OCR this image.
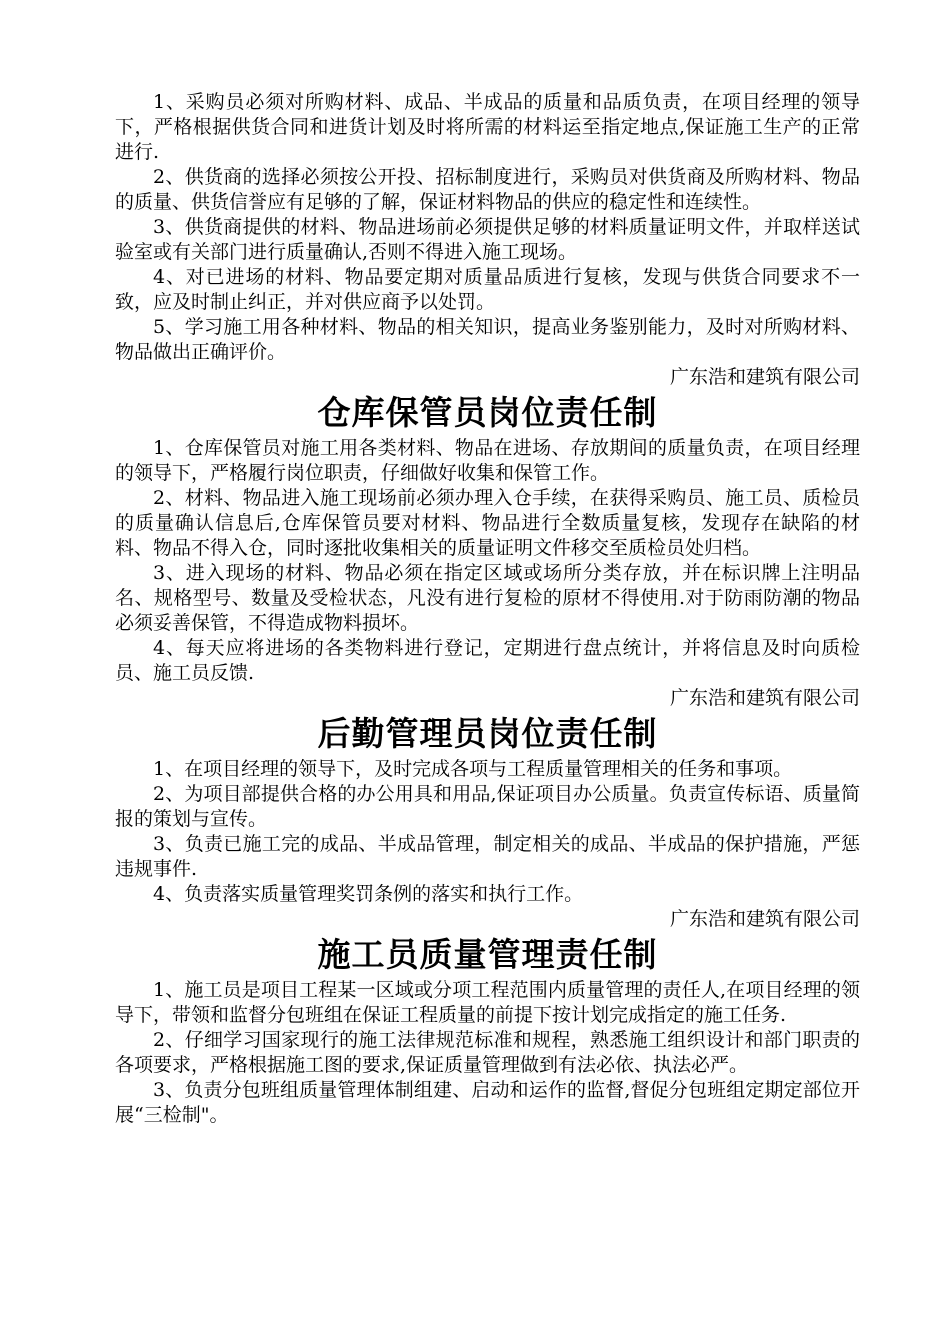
1、采购员必须对所购材料、成品、半成品的质量和品质负责，在项目经理的领导下，严格根据供货合同和进货计划及时将所需的材料运至指定地点,保证施工生产的正常进行.

2、供货商的选择必须按公开投、招标制度进行，采购员对供货商及所购材料、物品的质量、供货信誉应有足够的了解，保证材料物品的供应的稳定性和连续性。

3、供货商提供的材料、物品进场前必须提供足够的材料质量证明文件，并取样送试验室或有关部门进行质量确认,否则不得进入施工现场。

4、对已进场的材料、物品要定期对质量品质进行复核，发现与供货合同要求不一致，应及时制止纠正，并对供应商予以处罚。

5、学习施工用各种材料、物品的相关知识，提高业务鉴别能力，及时对所购材料、物品做出正确评价。

广东浩和建筑有限公司

仓库保管员岗位责任制

1、仓库保管员对施工用各类材料、物品在进场、存放期间的质量负责，在项目经理的领导下，严格履行岗位职责，仔细做好收集和保管工作。

2、材料、物品进入施工现场前必须办理入仓手续，在获得采购员、施工员、质检员的质量确认信息后,仓库保管员要对材料、物品进行全数质量复核，发现存在缺陷的材料、物品不得入仓，同时逐批收集相关的质量证明文件移交至质检员处归档。

3、进入现场的材料、物品必须在指定区域或场所分类存放，并在标识牌上注明品名、规格型号、数量及受检状态，凡没有进行复检的原材不得使用.对于防雨防潮的物品必须妥善保管，不得造成物料损坏。

4、每天应将进场的各类物料进行登记，定期进行盘点统计，并将信息及时向质检员、施工员反馈.

广东浩和建筑有限公司

后勤管理员岗位责任制

1、在项目经理的领导下，及时完成各项与工程质量管理相关的任务和事项。

2、为项目部提供合格的办公用具和用品,保证项目办公质量。负责宣传标语、质量简报的策划与宣传。

3、负责已施工完的成品、半成品管理，制定相关的成品、半成品的保护措施，严惩违规事件.

4、负责落实质量管理奖罚条例的落实和执行工作。

广东浩和建筑有限公司

施工员质量管理责任制

1、施工员是项目工程某一区域或分项工程范围内质量管理的责任人,在项目经理的领导下，带领和监督分包班组在保证工程质量的前提下按计划完成指定的施工任务.

2、仔细学习国家现行的施工法律规范标准和规程，熟悉施工组织设计和部门职责的各项要求，严格根据施工图的要求,保证质量管理做到有法必依、执法必严。

3、负责分包班组质量管理体制组建、启动和运作的监督,督促分包班组定期定部位开展“三检制"。
